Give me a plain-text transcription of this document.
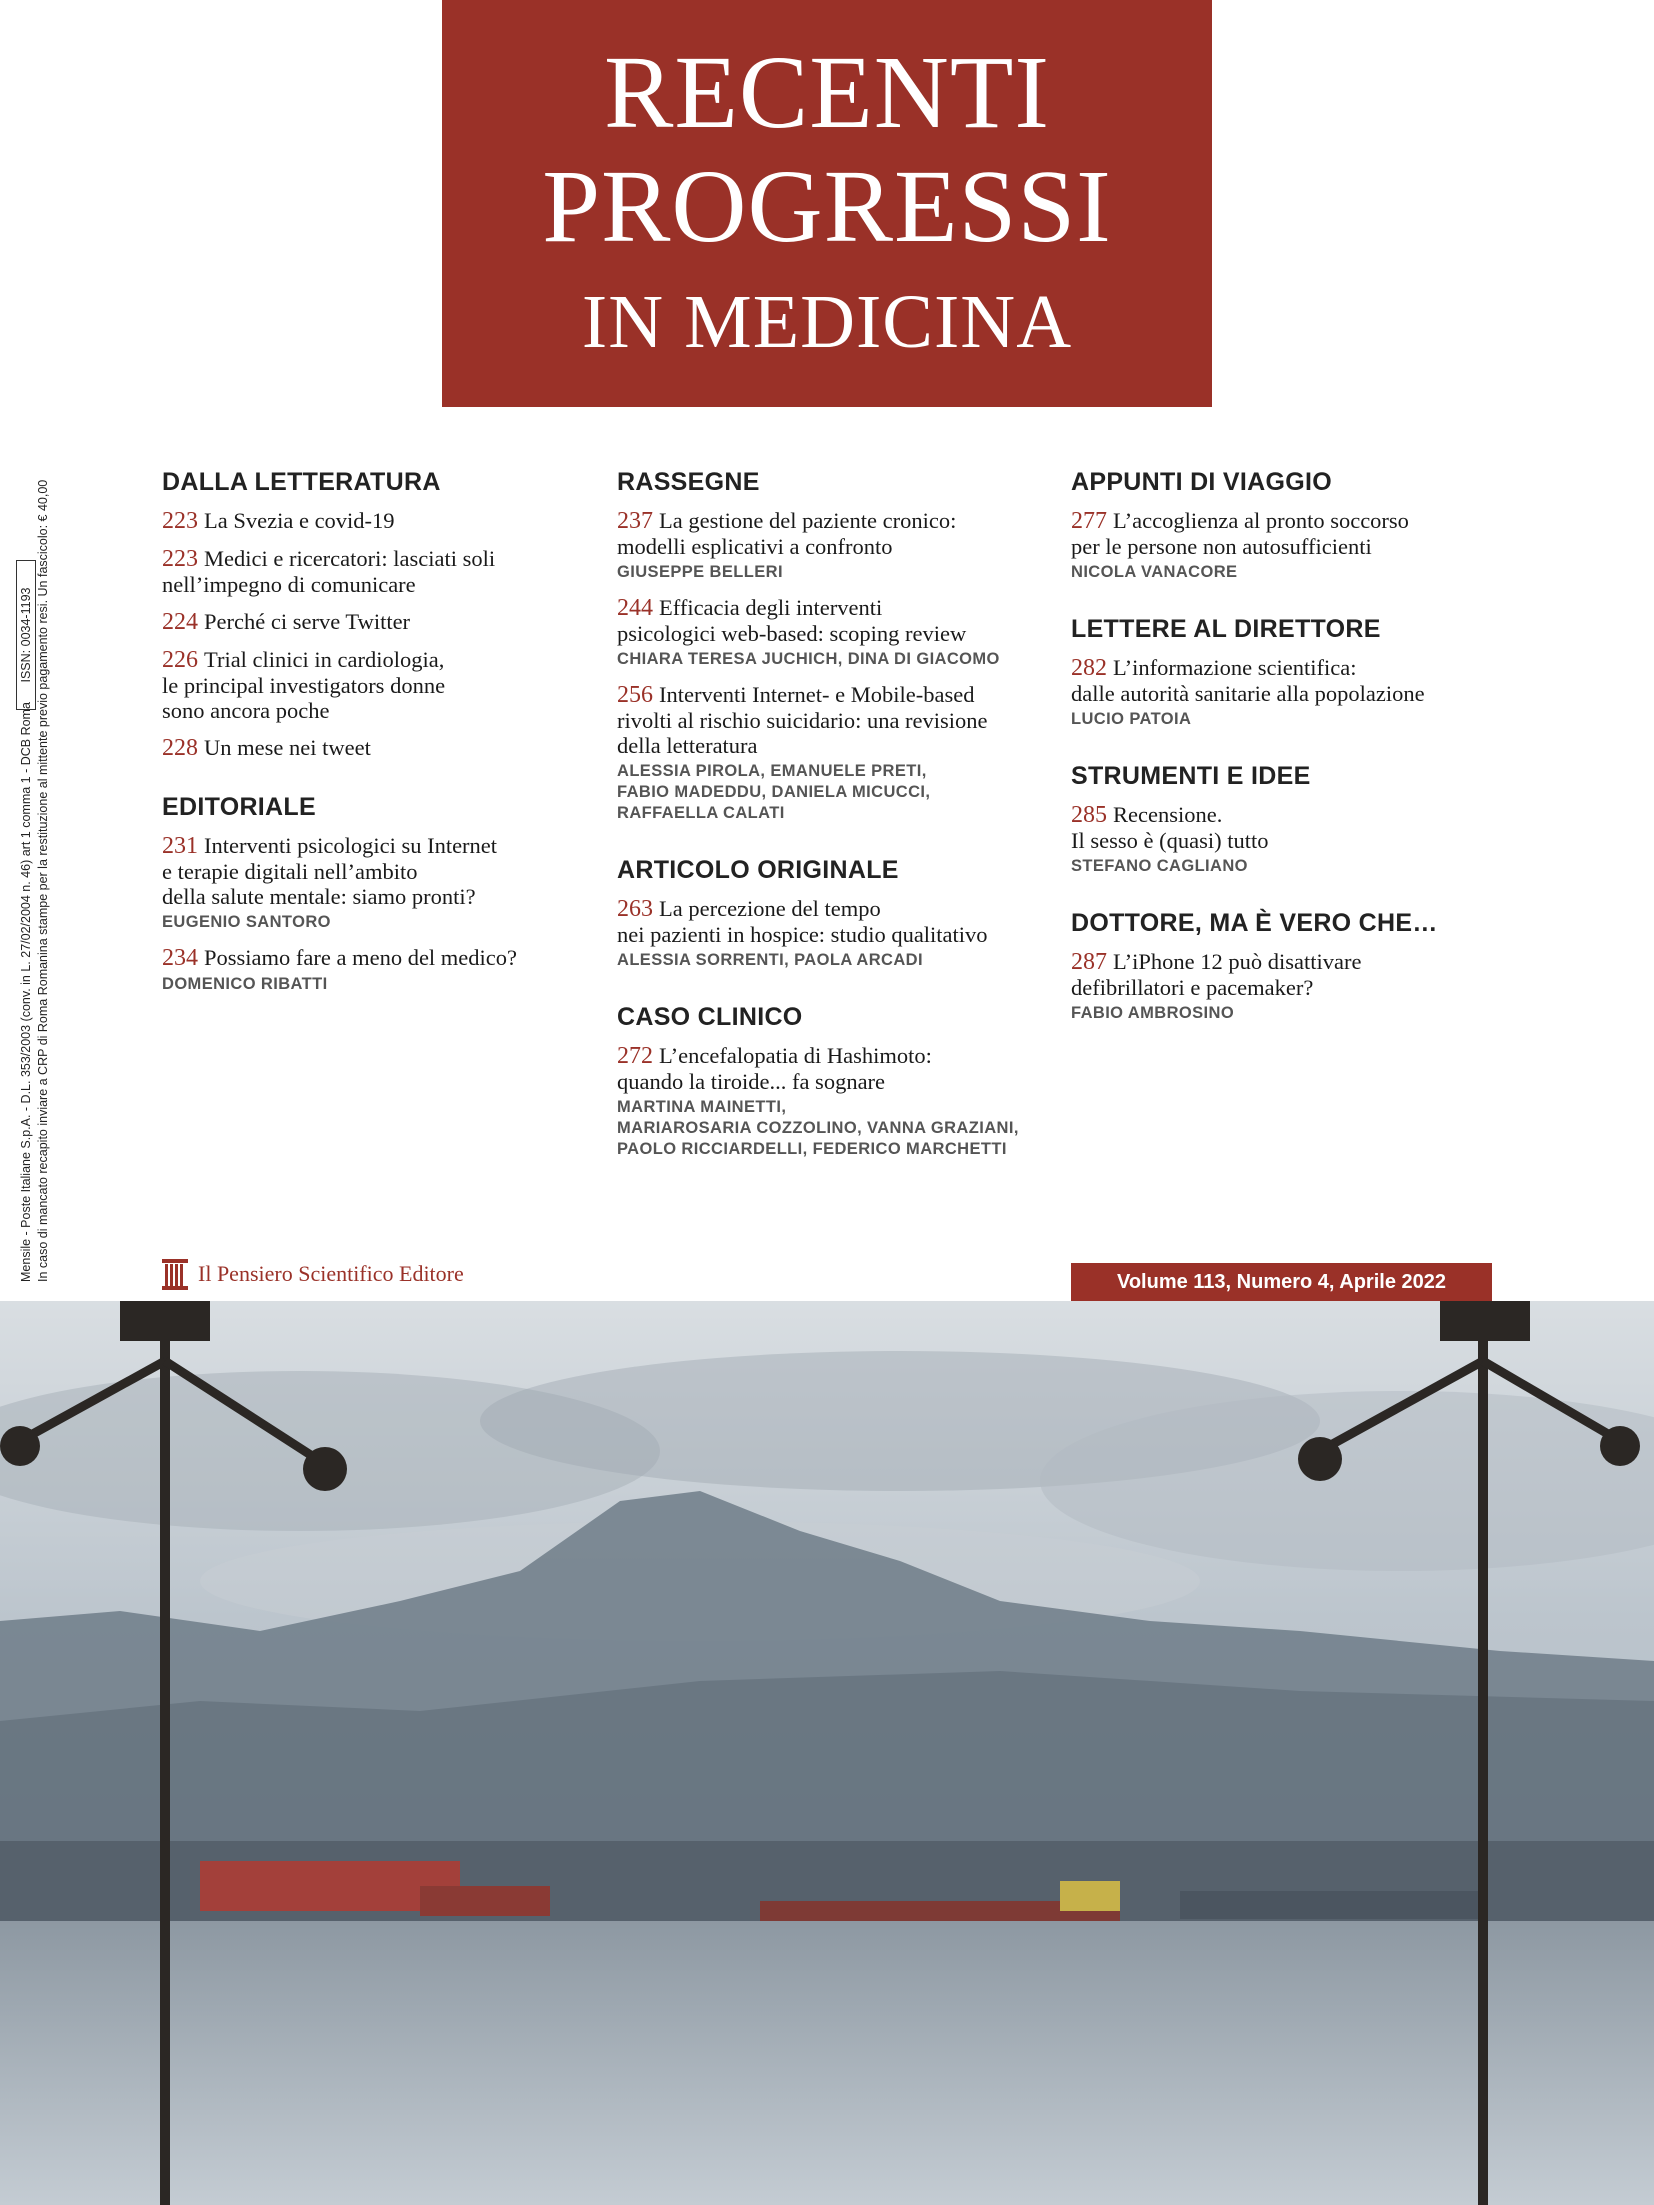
RECENTI
PROGRESSI
IN MEDICINA
Mensile - Poste Italiane S.p.A. - D.L. 353/2003 (conv. in L. 27/02/2004 n. 46) art 1 comma 1 - DCB Roma In caso di mancato recapito inviare a CRP di Roma Romanina stampe per la restituzione al mittente previo pagamento resi. Un fascicolo: € 40,00
ISSN: 0034-1193
DALLA LETTERATURA
223 La Svezia e covid-19
223 Medici e ricercatori: lasciati soli
nell’impegno di comunicare
224 Perché ci serve Twitter
226 Trial clinici in cardiologia,
le principal investigators donne
sono ancora poche
228 Un mese nei tweet
EDITORIALE
231 Interventi psicologici su Internet
e terapie digitali nell’ambito
della salute mentale: siamo pronti?
EUGENIO SANTORO
234 Possiamo fare a meno del medico?
DOMENICO RIBATTI
RASSEGNE
237 La gestione del paziente cronico:
modelli esplicativi a confronto
GIUSEPPE BELLERI
244 Efficacia degli interventi
psicologici web-based: scoping review
CHIARA TERESA JUCHICH, DINA DI GIACOMO
256 Interventi Internet- e Mobile-based
rivolti al rischio suicidario: una revisione
della letteratura
ALESSIA PIROLA, EMANUELE PRETI,
FABIO MADEDDU, DANIELA MICUCCI,
RAFFAELLA CALATI
ARTICOLO ORIGINALE
263 La percezione del tempo
nei pazienti in hospice: studio qualitativo
ALESSIA SORRENTI, PAOLA ARCADI
CASO CLINICO
272 L’encefalopatia di Hashimoto:
quando la tiroide... fa sognare
MARTINA MAINETTI,
MARIAROSARIA COZZOLINO, VANNA GRAZIANI,
PAOLO RICCIARDELLI, FEDERICO MARCHETTI
APPUNTI DI VIAGGIO
277 L’accoglienza al pronto soccorso
per le persone non autosufficienti
NICOLA VANACORE
LETTERE AL DIRETTORE
282 L’informazione scientifica:
dalle autorità sanitarie alla popolazione
LUCIO PATOIA
STRUMENTI E IDEE
285 Recensione.
Il sesso è (quasi) tutto
STEFANO CAGLIANO
DOTTORE, MA È VERO CHE…
287 L’iPhone 12 può disattivare
defibrillatori e pacemaker?
FABIO AMBROSINO
Il Pensiero Scientifico Editore	Volume 113, Numero 4, Aprile 2022
